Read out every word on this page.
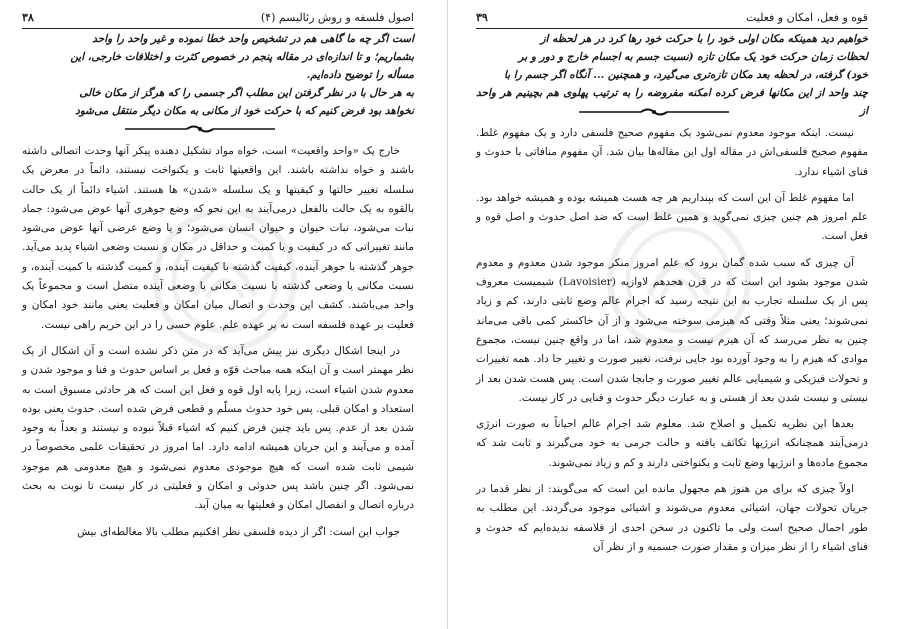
اصول فلسفه و روش رئالیسم (۴)
۳۸

است اگر چه ما گاهی هم در تشخیص واحد خطا نموده و غیر واحد را واحد

بشماریم؛ و تا اندازه‌ای در مقاله پنجم در خصوص کثرت و اختلافات خارجی، این

مسأله را توضیح داده‌ایم.

به هر حال با در نظر گرفتن این مطلب اگر جسمی را که هرگز از مکان خالی

نخواهد بود فرض کنیم که با حرکت خود از مکانی به مکان دیگر منتقل می‌شود

خارج یک «واحد واقعیت» است، خواه مواد تشکیل دهنده پیکر آنها وحدت اتصالی داشته باشند و خواه نداشته باشند. این واقعیتها ثابت و یکنواخت نیستند، دائماً در معرض یک سلسله تغییر حالتها و کیفیتها و یک سلسله «شدن» ها هستند. اشیاء دائماً از یک حالت بالقوه به یک حالت بالفعل درمی‌آیند به این نحو که وضع جوهری آنها عوض می‌شود: جماد نبات می‌شود، نبات حیوان و حیوان انسان می‌شود؛ و یا وضع عرضی آنها عوض می‌شود مانند تغییراتی که در کیفیت و یا کمیت و حداقل در مکان و نسبت وضعی اشیاء پدید می‌آید. جوهر گذشته با جوهر آینده، کیفیت گذشته با کیفیت آینده، و کمیت گذشته با کمیت آینده، و نسبت مکانی یا وضعی گذشته با نسبت مکانی یا وضعی آینده متصل است و مجموعاً یک واحد می‌باشند. کشف این وحدت و اتصال میان امکان و فعلیت یعنی مانند خود امکان و فعلیت بر عهده فلسفه است نه بر عهده علم. علوم حسی را در این حریم راهی نیست.

در اینجا اشکال دیگری نیز پیش می‌آید که در متن ذکر نشده است و آن اشکال از یک نظر مهمتر است و آن اینکه همه مباحث قوّه و فعل بر اساس حدوث و فنا و موجود شدن و معدوم شدن اشیاء است، زیرا پایه اول قوه و فعل این است که هر حادثی مسبوق است به استعداد و امکان قبلی. پس خود حدوث مسلّم و قطعی فرض شده است. حدوث یعنی بوده شدن بعد از عدم. پس باید چنین فرض کنیم که اشیاء قبلاً نبوده و نیستند و بعداً به وجود آمده و می‌آیند و این جریان همیشه ادامه دارد. اما امروز در تحقیقات علمی مخصوصاً در شیمی ثابت شده است که هیچ موجودی معدوم نمی‌شود و هیچ معدومی هم موجود نمی‌شود. اگر چنین باشد پس حدوثی و امکان و فعلیتی در کار نیست تا نوبت به بحث درباره اتصال و انفصال امکان و فعلیتها به میان آید.

جواب این است: اگر از دیده فلسفی نظر افکنیم مطلب بالا مغالطه‌ای بیش

قوه و فعل، امکان و فعلیت
۳۹

خواهیم دید همینکه مکان اولی خود را با حرکت خود رها کرد در هر لحظه از

لحظات زمان حرکت خود یک مکان تازه (نسبت جسم به اجسام خارج و دور و بر

خود) گرفته، در لحظه بعد مکان تازه‌تری می‌گیرد، و همچنین ... آنگاه اگر جسم را با

چند واحد از این مکانها فرض کرده امکنه مفروضه را به ترتیب پهلوی هم بچینیم هر واحد از

نیست. اینکه موجود معدوم نمی‌شود یک مفهوم صحیح فلسفی دارد و یک مفهوم غلط. مفهوم صحیح فلسفی‌اش در مقاله اول این مقاله‌ها بیان شد. آن مفهوم منافاتی با حدوث و فنای اشیاء ندارد.

اما مفهوم غلط آن این است که بپنداریم هر چه هست همیشه بوده و همیشه خواهد بود. علم امروز هم چنین چیزی نمی‌گوید و همین غلط است که ضد اصل حدوث و اصل قوه و فعل است.

آن چیزی که سبب شده گمان برود که علم امروز منکر موجود شدن معدوم و معدوم شدن موجود بشود این است که در قرن هجدهم لاوازیه (Lavoisier) شیمیست معروف پس از یک سلسله تجارب به این نتیجه رسید که اجرام عالم وضع ثابتی دارند، کم و زیاد نمی‌شوند؛ یعنی مثلاً وقتی که هیزمی سوخته می‌شود و از آن خاکستر کمی باقی می‌ماند چنین به نظر می‌رسد که آن هیزم نیست و معدوم شد، اما در واقع چنین نیست، مجموع موادی که هیزم را به وجود آورده بود جایی نرفت، تغییر صورت و تغییر جا داد. همه تغییرات و تحولات فیزیکی و شیمیایی عالم تغییر صورت و جابجا شدن است. پس هست شدن بعد از نیستی و نیست شدن بعد از هستی و به عبارت دیگر حدوث و فنایی در کار نیست.

بعدها این نظریه تکمیل و اصلاح شد. معلوم شد اجرام عالم احیاناً به صورت انرژی درمی‌آیند همچنانکه انرژیها تکاثف یافته و حالت جرمی به خود می‌گیرند و ثابت شد که مجموع ماده‌ها و انرژیها وضع ثابت و یکنواختی دارند و کم و زیاد نمی‌شوند.

اولاً چیزی که برای من هنوز هم مجهول مانده این است که می‌گویند: از نظر قدما در جریان تحولات جهان، اشیائی معدوم می‌شوند و اشیائی موجود می‌گردند. این مطلب به طور اجمال صحیح است ولی ما تاکنون در سخن احدی از فلاسفه ندیده‌ایم که حدوث و فنای اشیاء را از نظر میزان و مقدار صورت جسمیه و از نظر آن
